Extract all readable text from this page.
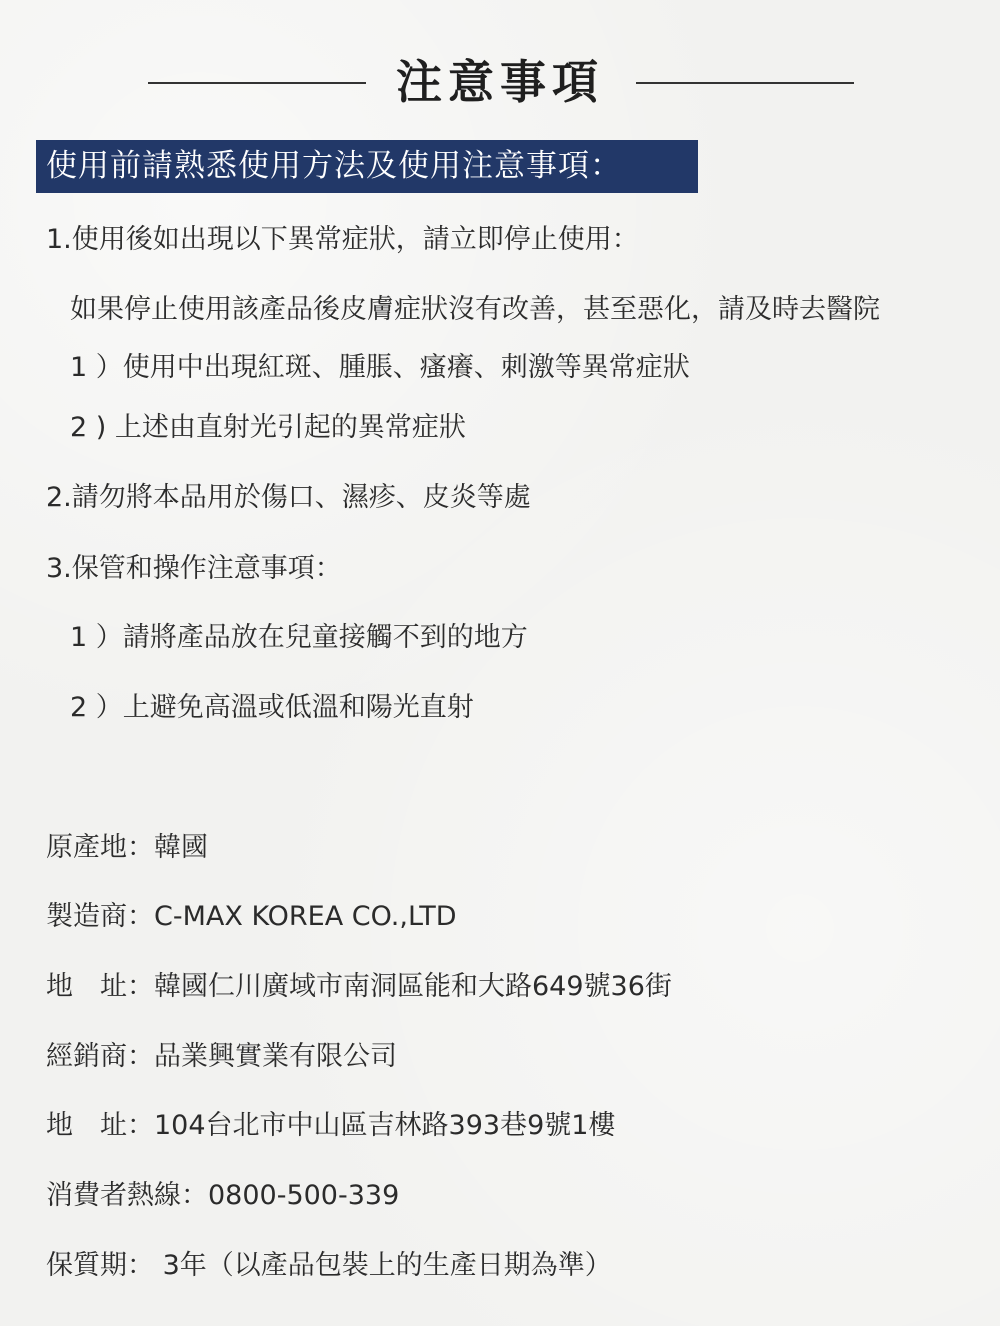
注意事項
使用前請熟悉使用方法及使用注意事項：
1.使用後如出現以下異常症狀，請立即停止使用：
如果停止使用該產品後皮膚症狀沒有改善，甚至惡化，請及時去醫院
1 ）使用中出現紅斑、腫脹、瘙癢、刺激等異常症狀
2 ) 上述由直射光引起的異常症狀
2.請勿將本品用於傷口、濕疹、皮炎等處
3.保管和操作注意事項：
1 ）請將產品放在兒童接觸不到的地方
2 ）上避免高溫或低溫和陽光直射
原產地：韓國
製造商：C-MAX KOREA CO.,LTD
地　址：韓國仁川廣域市南洞區能和大路649號36街
經銷商：品業興實業有限公司
地　址：104台北市中山區吉林路393巷9號1樓
消費者熱線：0800-500-339
保質期： 3年（以產品包裝上的生產日期為準）
